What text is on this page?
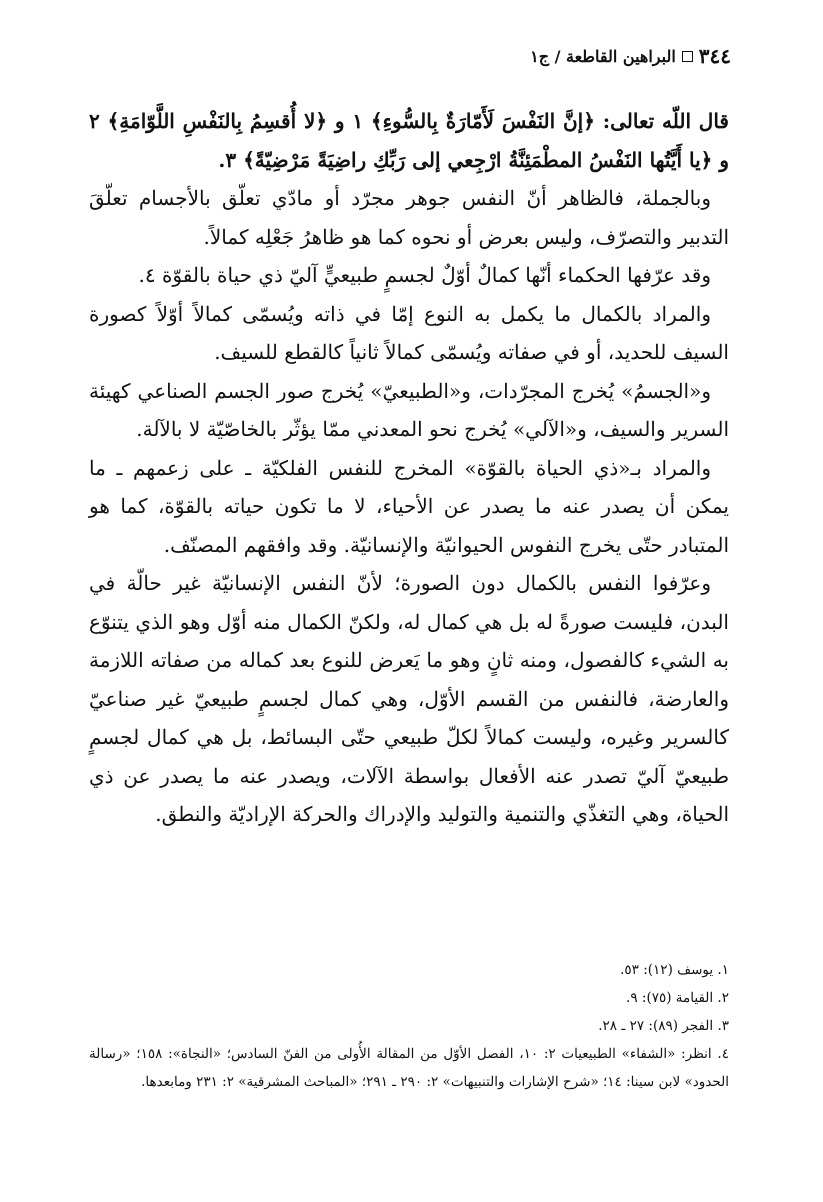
٣٤٤
البراهين القاطعة / ج١

قال اللّه تعالى: ﴿إنَّ النَفْسَ لَأَمّارَةٌ بِالسُّوءِ﴾ ١ و ﴿لا أُقسِمُ بِالنَفْسِ اللَّوّامَةِ﴾ ٢ و ﴿يا أَيَّتُها النَفْسُ المطْمَئِنَّةُ ارْجِعي إلى رَبِّكِ راضِيَةً مَرْضِيّةً﴾ ٣.

وبالجملة، فالظاهر أنّ النفس جوهر مجرّد أو مادّي تعلّق بالأجسام تعلّقَ التدبير والتصرّف، وليس بعرض أو نحوه كما هو ظاهرُ جَعْلِه كمالاً.

وقد عرّفها الحكماء أنّها كمالٌ أوّلٌ لجسمٍ طبيعيٍّ آليّ ذي حياة بالقوّة ٤.

والمراد بالكمال ما يكمل به النوع إمّا في ذاته ويُسمّى كمالاً أوّلاً كصورة السيف للحديد، أو في صفاته ويُسمّى كمالاً ثانياً كالقطع للسيف.

و«الجسمُ» يُخرج المجرّدات، و«الطبيعيّ» يُخرج صور الجسم الصناعي كهيئة السرير والسيف، و«الآلي» يُخرج نحو المعدني ممّا يؤثّر بالخاصّيّة لا بالآلة.

والمراد بـ«ذي الحياة بالقوّة» المخرج للنفس الفلكيّة ـ على زعمهم ـ ما يمكن أن يصدر عنه ما يصدر عن الأحياء، لا ما تكون حياته بالقوّة، كما هو المتبادر حتّى يخرج النفوس الحيوانيّة والإنسانيّة. وقد وافقهم المصنّف.

وعرّفوا النفس بالكمال دون الصورة؛ لأنّ النفس الإنسانيّة غير حالّة في البدن، فليست صورةً له بل هي كمال له، ولكنّ الكمال منه أوّل وهو الذي يتنوّع به الشيء كالفصول، ومنه ثانٍ وهو ما يَعرض للنوع بعد كماله من صفاته اللازمة والعارضة، فالنفس من القسم الأوّل، وهي كمال لجسمٍ طبيعيّ غير صناعيّ كالسرير وغيره، وليست كمالاً لكلّ طبيعي حتّى البسائط، بل هي كمال لجسمٍ طبيعيّ آليّ تصدر عنه الأفعال بواسطة الآلات، ويصدر عنه ما يصدر عن ذي الحياة، وهي التغذّي والتنمية والتوليد والإدراك والحركة الإراديّة والنطق.

١. يوسف (١٢): ٥٣.

٢. القيامة (٧٥): ٩.

٣. الفجر (٨٩): ٢٧ ـ ٢٨.

٤. انظر: «الشفاء» الطبيعيات ٢: ١٠، الفصل الأوّل من المقالة الأُولى من الفنّ السادس؛ «النجاة»: ١٥٨؛ «رسالة الحدود» لابن سينا: ١٤؛ «شرح الإشارات والتنبيهات» ٢: ٢٩٠ ـ ٢٩١؛ «المباحث المشرقية» ٢: ٢٣١ ومابعدها.
